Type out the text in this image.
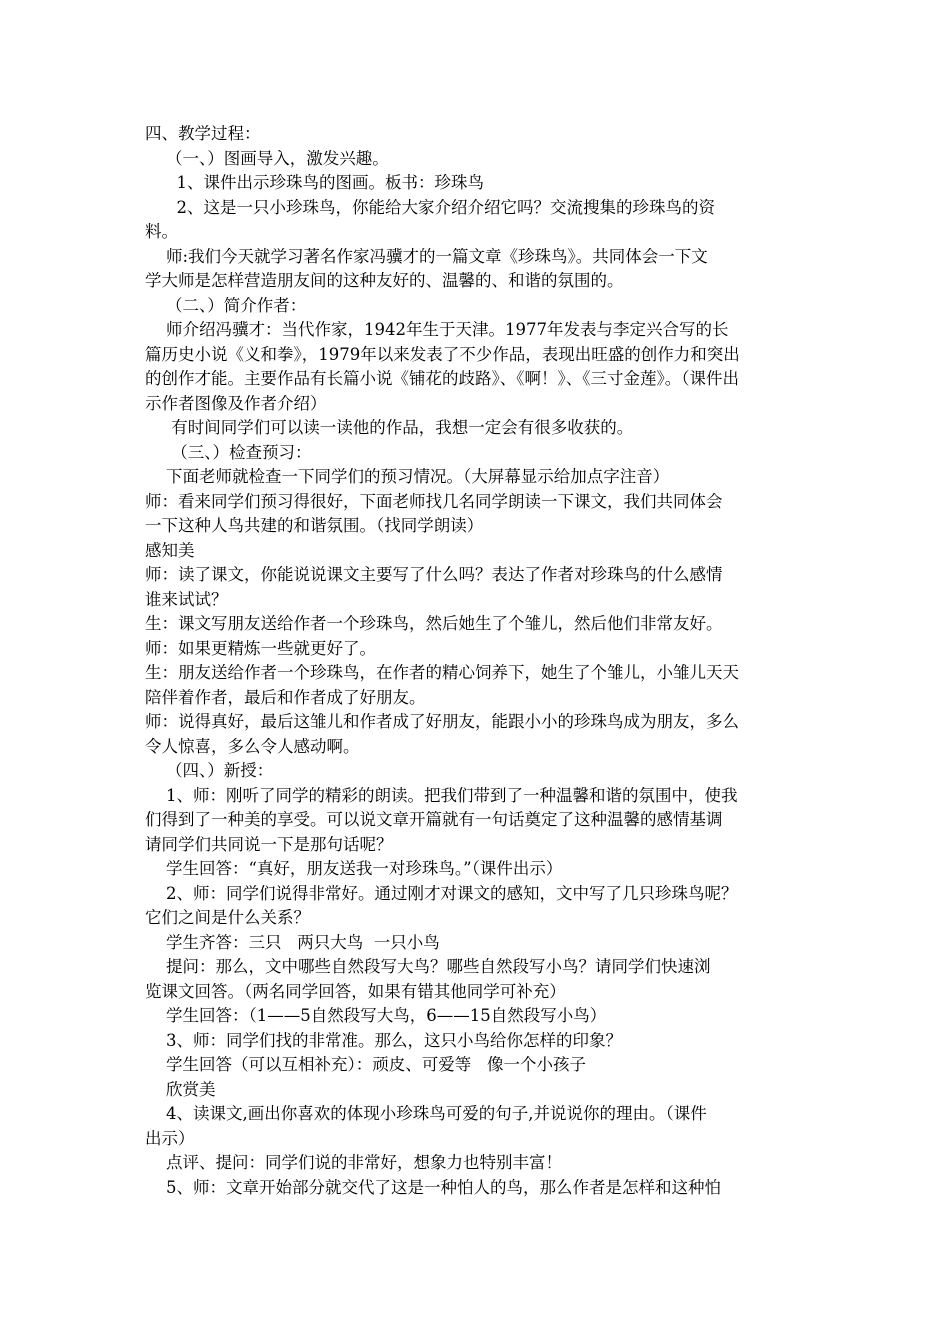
四、教学过程：
（一、）图画导入，激发兴趣。
1、课件出示珍珠鸟的图画。板书：珍珠鸟
2、这是一只小珍珠鸟，你能给大家介绍介绍它吗？交流搜集的珍珠鸟的资
料。
师:我们今天就学习著名作家冯骥才的一篇文章《珍珠鸟》。共同体会一下文
学大师是怎样营造朋友间的这种友好的、温馨的、和谐的氛围的。
（二、）简介作者：
师介绍冯骥才：当代作家，1942年生于天津。1977年发表与李定兴合写的长
篇历史小说《义和拳》，1979年以来发表了不少作品，表现出旺盛的创作力和突出
的创作才能。主要作品有长篇小说《铺花的歧路》、《啊！》、《三寸金莲》。（课件出
示作者图像及作者介绍）
有时间同学们可以读一读他的作品，我想一定会有很多收获的。
（三、）检查预习：
下面老师就检查一下同学们的预习情况。（大屏幕显示给加点字注音）
师：看来同学们预习得很好，下面老师找几名同学朗读一下课文，我们共同体会
一下这种人鸟共建的和谐氛围。（找同学朗读）
感知美
师：读了课文，你能说说课文主要写了什么吗？表达了作者对珍珠鸟的什么感情
谁来试试？
生：课文写朋友送给作者一个珍珠鸟，然后她生了个雏儿，然后他们非常友好。
师：如果更精炼一些就更好了。
生：朋友送给作者一个珍珠鸟，在作者的精心饲养下，她生了个雏儿，小雏儿天天
陪伴着作者，最后和作者成了好朋友。
师：说得真好，最后这雏儿和作者成了好朋友，能跟小小的珍珠鸟成为朋友，多么
令人惊喜，多么令人感动啊。
（四、）新授：
1、师：刚听了同学的精彩的朗读。把我们带到了一种温馨和谐的氛围中，使我
们得到了一种美的享受。可以说文章开篇就有一句话奠定了这种温馨的感情基调
请同学们共同说一下是那句话呢？
学生回答：“真好，朋友送我一对珍珠鸟。”（课件出示）
2、师：同学们说得非常好。通过刚才对课文的感知，文中写了几只珍珠鸟呢？
它们之间是什么关系？
学生齐答：三只   两只大鸟  一只小鸟
提问：那么，文中哪些自然段写大鸟？哪些自然段写小鸟？请同学们快速浏
览课文回答。（两名同学回答，如果有错其他同学可补充）
学生回答：（1——5自然段写大鸟，6——15自然段写小鸟）
3、师：同学们找的非常准。那么，这只小鸟给你怎样的印象？
学生回答（可以互相补充）：顽皮、可爱等   像一个小孩子
欣赏美
4、读课文,画出你喜欢的体现小珍珠鸟可爱的句子,并说说你的理由。（课件
出示）
点评、提问：同学们说的非常好，想象力也特别丰富！
5、师：文章开始部分就交代了这是一种怕人的鸟，那么作者是怎样和这种怕
